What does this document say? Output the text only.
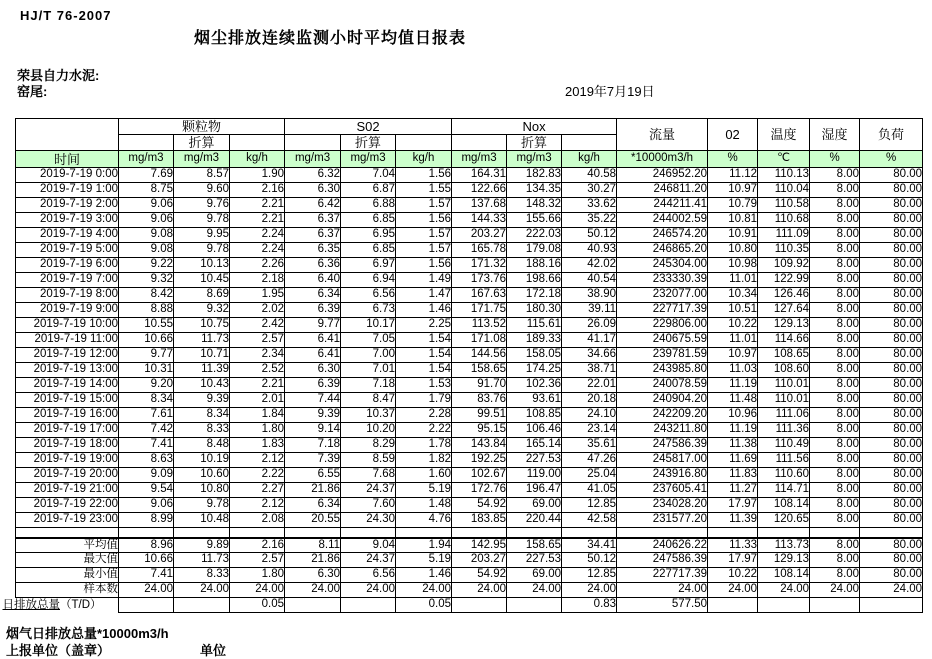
HJ/T 76-2007
烟尘排放连续监测小时平均值日报表
荣县自力水泥:
窑尾:	2019年7月19日
	颗粒物			S02			Nox			流量	02	温度	湿度	负荷
		折算			折算			折算						
时间	mg/m3	mg/m3	kg/h	mg/m3	mg/m3	kg/h	mg/m3	mg/m3	kg/h	*10000m3/h	%	℃	%	%
2019-7-19 0:00	7.69	8.57	1.90	6.32	7.04	1.56	164.31	182.83	40.58	246952.20	11.12	110.13	8.00	80.00
2019-7-19 1:00	8.75	9.60	2.16	6.30	6.87	1.55	122.66	134.35	30.27	246811.20	10.97	110.04	8.00	80.00
2019-7-19 2:00	9.06	9.76	2.21	6.42	6.88	1.57	137.68	148.32	33.62	244211.41	10.79	110.58	8.00	80.00
2019-7-19 3:00	9.06	9.78	2.21	6.37	6.85	1.56	144.33	155.66	35.22	244002.59	10.81	110.68	8.00	80.00
2019-7-19 4:00	9.08	9.95	2.24	6.37	6.95	1.57	203.27	222.03	50.12	246574.20	10.91	111.09	8.00	80.00
2019-7-19 5:00	9.08	9.78	2.24	6.35	6.85	1.57	165.78	179.08	40.93	246865.20	10.80	110.35	8.00	80.00
2019-7-19 6:00	9.22	10.13	2.26	6.36	6.97	1.56	171.32	188.16	42.02	245304.00	10.98	109.92	8.00	80.00
2019-7-19 7:00	9.32	10.45	2.18	6.40	6.94	1.49	173.76	198.66	40.54	233330.39	11.01	122.99	8.00	80.00
2019-7-19 8:00	8.42	8.69	1.95	6.34	6.56	1.47	167.63	172.18	38.90	232077.00	10.34	126.46	8.00	80.00
2019-7-19 9:00	8.88	9.32	2.02	6.39	6.73	1.46	171.75	180.30	39.11	227717.39	10.51	127.64	8.00	80.00
2019-7-19 10:00	10.55	10.75	2.42	9.77	10.17	2.25	113.52	115.61	26.09	229806.00	10.22	129.13	8.00	80.00
2019-7-19 11:00	10.66	11.73	2.57	6.41	7.05	1.54	171.08	189.33	41.17	240675.59	11.01	114.66	8.00	80.00
2019-7-19 12:00	9.77	10.71	2.34	6.41	7.00	1.54	144.56	158.05	34.66	239781.59	10.97	108.65	8.00	80.00
2019-7-19 13:00	10.31	11.39	2.52	6.30	7.01	1.54	158.65	174.25	38.71	243985.80	11.03	108.60	8.00	80.00
2019-7-19 14:00	9.20	10.43	2.21	6.39	7.18	1.53	91.70	102.36	22.01	240078.59	11.19	110.01	8.00	80.00
2019-7-19 15:00	8.34	9.39	2.01	7.44	8.47	1.79	83.76	93.61	20.18	240904.20	11.48	110.01	8.00	80.00
2019-7-19 16:00	7.61	8.34	1.84	9.39	10.37	2.28	99.51	108.85	24.10	242209.20	10.96	111.06	8.00	80.00
2019-7-19 17:00	7.42	8.33	1.80	9.14	10.20	2.22	95.15	106.46	23.14	243211.80	11.19	111.36	8.00	80.00
2019-7-19 18:00	7.41	8.48	1.83	7.18	8.29	1.78	143.84	165.14	35.61	247586.39	11.38	110.49	8.00	80.00
2019-7-19 19:00	8.63	10.19	2.12	7.39	8.59	1.82	192.25	227.53	47.26	245817.00	11.69	111.56	8.00	80.00
2019-7-19 20:00	9.09	10.60	2.22	6.55	7.68	1.60	102.67	119.00	25.04	243916.80	11.83	110.60	8.00	80.00
2019-7-19 21:00	9.54	10.80	2.27	21.86	24.37	5.19	172.76	196.47	41.05	237605.41	11.27	114.71	8.00	80.00
2019-7-19 22:00	9.06	9.78	2.12	6.34	7.60	1.48	54.92	69.00	12.85	234028.20	17.97	108.14	8.00	80.00
2019-7-19 23:00	8.99	10.48	2.08	20.55	24.30	4.76	183.85	220.44	42.58	231577.20	11.39	120.65	8.00	80.00

平均值	8.96	9.89	2.16	8.11	9.04	1.94	142.95	158.65	34.41	240626.22	11.33	113.73	8.00	80.00
最大值	10.66	11.73	2.57	21.86	24.37	5.19	203.27	227.53	50.12	247586.39	17.97	129.13	8.00	80.00
最小值	7.41	8.33	1.80	6.30	6.56	1.46	54.92	69.00	12.85	227717.39	10.22	108.14	8.00	80.00
样本数	24.00	24.00	24.00	24.00	24.00	24.00	24.00	24.00	24.00	24.00	24.00	24.00	24.00	24.00
日排放总量（T/D）			0.05			0.05			0.83	577.50				
烟气日排放总量*10000m3/h
上报单位（盖章）	单位
